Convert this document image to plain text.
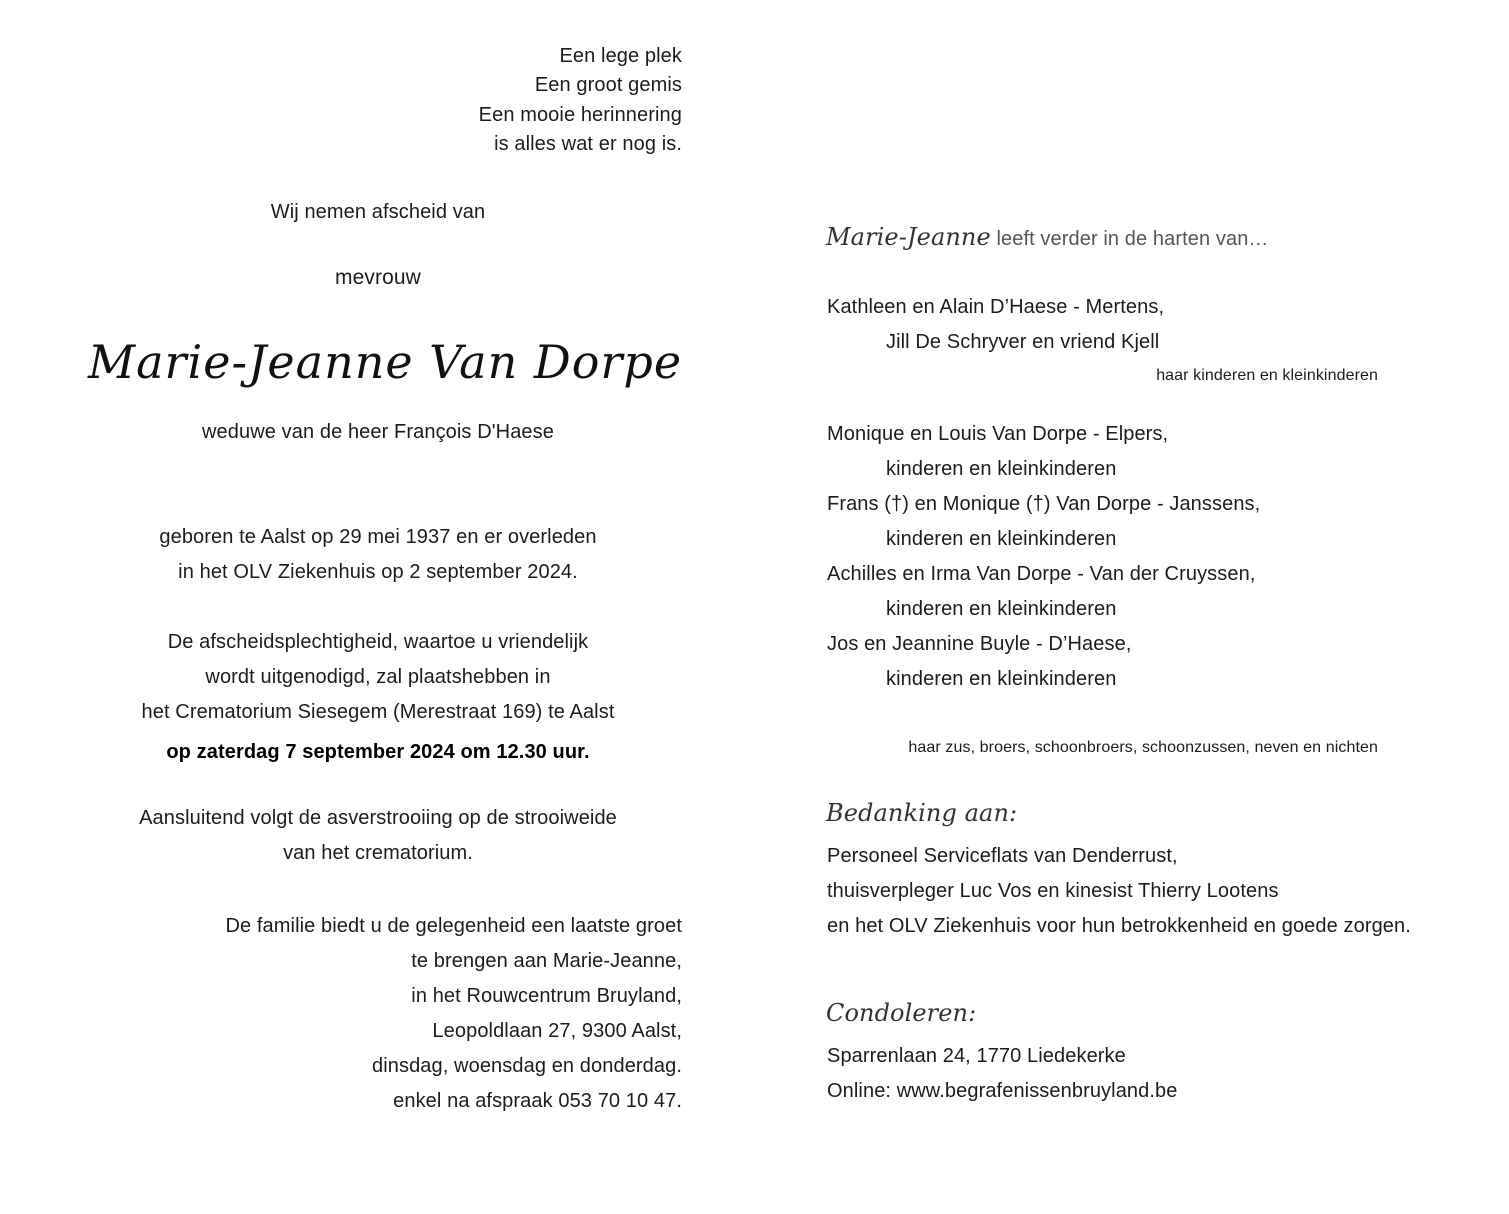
Een lege plek
Een groot gemis
Een mooie herinnering
is alles wat er nog is.
Wij nemen afscheid van
mevrouw
Marie-Jeanne Van Dorpe
weduwe van de heer François D'Haese
geboren te Aalst op 29 mei 1937 en er overleden
in het OLV Ziekenhuis op 2 september 2024.
De afscheidsplechtigheid, waartoe u vriendelijk
wordt uitgenodigd, zal plaatshebben in
het Crematorium Siesegem (Merestraat 169) te Aalst
op zaterdag 7 september 2024 om 12.30 uur.
Aansluitend volgt de asverstrooiing op de strooiweide
van het crematorium.
De familie biedt u de gelegenheid een laatste groet
te brengen aan Marie-Jeanne,
in het Rouwcentrum Bruyland,
Leopoldlaan 27, 9300 Aalst,
dinsdag, woensdag en donderdag.
enkel na afspraak 053 70 10 47.
Marie-Jeanne leeft verder in de harten van…
Kathleen en Alain D’Haese - Mertens,
Jill De Schryver en vriend Kjell
haar kinderen en kleinkinderen
Monique en Louis Van Dorpe - Elpers,
kinderen en kleinkinderen
Frans (†) en Monique (†) Van Dorpe - Janssens,
kinderen en kleinkinderen
Achilles en Irma Van Dorpe - Van der Cruyssen,
kinderen en kleinkinderen
Jos en Jeannine Buyle - D’Haese,
kinderen en kleinkinderen
haar zus, broers, schoonbroers, schoonzussen, neven en nichten
Bedanking aan:
Personeel Serviceflats van Denderrust,
thuisverpleger Luc Vos en kinesist Thierry Lootens
en het OLV Ziekenhuis voor hun betrokkenheid en goede zorgen.
Condoleren:
Sparrenlaan 24, 1770 Liedekerke
Online: www.begrafenissenbruyland.be
